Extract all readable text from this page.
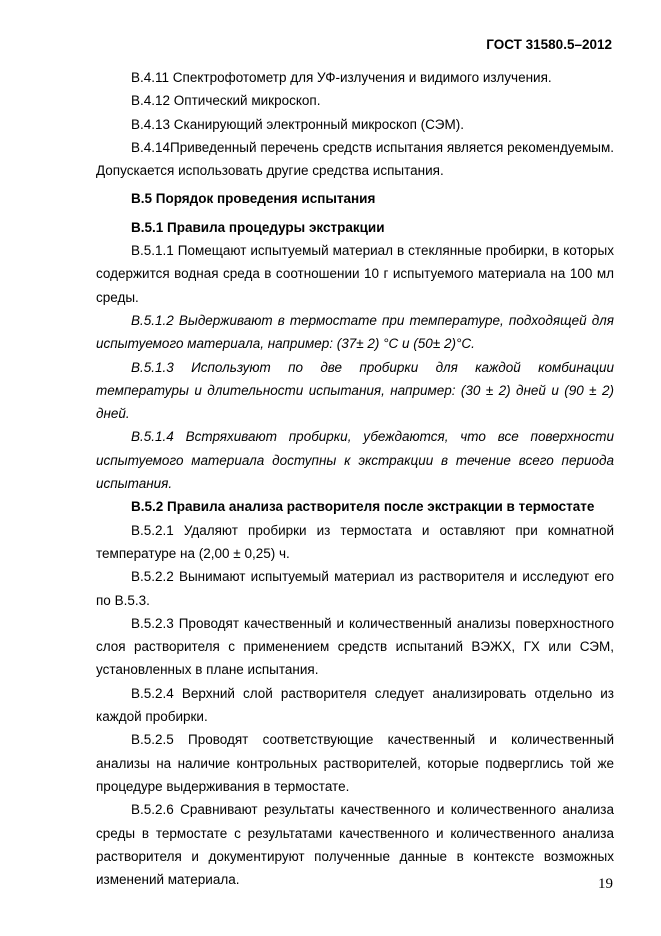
ГОСТ 31580.5–2012

В.4.11 Спектрофотометр для УФ-излучения и видимого излучения.

В.4.12 Оптический микроскоп.

В.4.13 Сканирующий электронный микроскоп (СЭМ).

В.4.14Приведенный перечень средств испытания является рекомендуемым. Допускается использовать другие средства испытания.

В.5 Порядок проведения испытания

В.5.1 Правила процедуры экстракции

В.5.1.1 Помещают испытуемый материал в стеклянные пробирки, в которых содержится водная среда в соотношении 10 г испытуемого материала на 100 мл среды.

В.5.1.2 Выдерживают в термостате при температуре, подходящей для испытуемого материала, например: (37± 2) °С и (50± 2)°С.

В.5.1.3 Используют по две пробирки для каждой комбинации температуры и длительности испытания, например: (30 ± 2) дней и (90 ± 2) дней.

В.5.1.4 Встряхивают пробирки, убеждаются, что все поверхности испытуемого материала доступны к экстракции в течение всего периода испытания.

В.5.2 Правила анализа растворителя после экстракции в термостате

В.5.2.1 Удаляют пробирки из термостата и оставляют при комнатной температуре на (2,00 ± 0,25) ч.

В.5.2.2 Вынимают испытуемый материал из растворителя и исследуют его по В.5.3.

В.5.2.3 Проводят качественный и количественный анализы поверхностного слоя растворителя с применением средств испытаний ВЭЖХ, ГХ или СЭМ, установленных в плане испытания.

В.5.2.4 Верхний слой растворителя следует анализировать отдельно из каждой пробирки.

В.5.2.5 Проводят соответствующие качественный и количественный анализы на наличие контрольных растворителей, которые подверглись той же процедуре выдерживания в термостате.

В.5.2.6 Сравнивают результаты качественного и количественного анализа среды в термостате с результатами качественного и количественного анализа растворителя и документируют полученные данные в контексте возможных изменений материала.	19
